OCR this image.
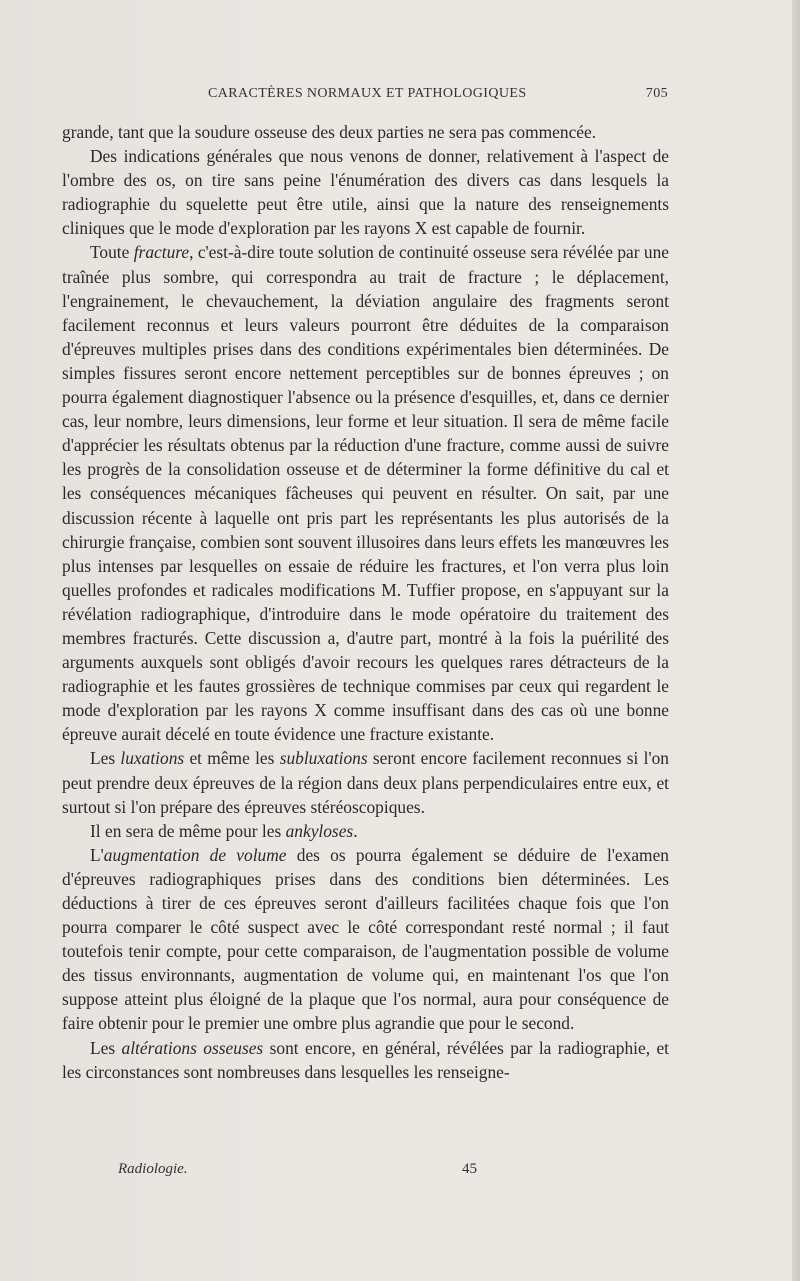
CARACTÈRES NORMAUX ET PATHOLOGIQUES	705

grande, tant que la soudure osseuse des deux parties ne sera pas commencée.

Des indications générales que nous venons de donner, relativement à l'aspect de l'ombre des os, on tire sans peine l'énumération des divers cas dans lesquels la radiographie du squelette peut être utile, ainsi que la nature des renseignements cliniques que le mode d'exploration par les rayons X est capable de fournir.

Toute fracture, c'est-à-dire toute solution de continuité osseuse sera révélée par une traînée plus sombre, qui correspondra au trait de fracture ; le déplacement, l'engrainement, le chevauchement, la déviation angulaire des fragments seront facilement reconnus et leurs valeurs pourront être déduites de la comparaison d'épreuves multiples prises dans des conditions expérimentales bien déterminées. De simples fissures seront encore nettement perceptibles sur de bonnes épreuves ; on pourra également diagnostiquer l'absence ou la présence d'esquilles, et, dans ce dernier cas, leur nombre, leurs dimensions, leur forme et leur situation. Il sera de même facile d'apprécier les résultats obtenus par la réduction d'une fracture, comme aussi de suivre les progrès de la consolidation osseuse et de déterminer la forme définitive du cal et les conséquences mécaniques fâcheuses qui peuvent en résulter. On sait, par une discussion récente à laquelle ont pris part les représentants les plus autorisés de la chirurgie française, combien sont souvent illusoires dans leurs effets les manœuvres les plus intenses par lesquelles on essaie de réduire les fractures, et l'on verra plus loin quelles profondes et radicales modifications M. Tuffier propose, en s'appuyant sur la révélation radiographique, d'introduire dans le mode opératoire du traitement des membres fracturés. Cette discussion a, d'autre part, montré à la fois la puérilité des arguments auxquels sont obligés d'avoir recours les quelques rares détracteurs de la radiographie et les fautes grossières de technique commises par ceux qui regardent le mode d'exploration par les rayons X comme insuffisant dans des cas où une bonne épreuve aurait décelé en toute évidence une fracture existante.

Les luxations et même les subluxations seront encore facilement reconnues si l'on peut prendre deux épreuves de la région dans deux plans perpendiculaires entre eux, et surtout si l'on prépare des épreuves stéréoscopiques.

Il en sera de même pour les ankyloses.

L'augmentation de volume des os pourra également se déduire de l'examen d'épreuves radiographiques prises dans des conditions bien déterminées. Les déductions à tirer de ces épreuves seront d'ailleurs facilitées chaque fois que l'on pourra comparer le côté suspect avec le côté correspondant resté normal ; il faut toutefois tenir compte, pour cette comparaison, de l'augmentation possible de volume des tissus environnants, augmentation de volume qui, en maintenant l'os que l'on suppose atteint plus éloigné de la plaque que l'os normal, aura pour conséquence de faire obtenir pour le premier une ombre plus agrandie que pour le second.

Les altérations osseuses sont encore, en général, révélées par la radiographie, et les circonstances sont nombreuses dans lesquelles les renseigne-

Radiologie.	45
